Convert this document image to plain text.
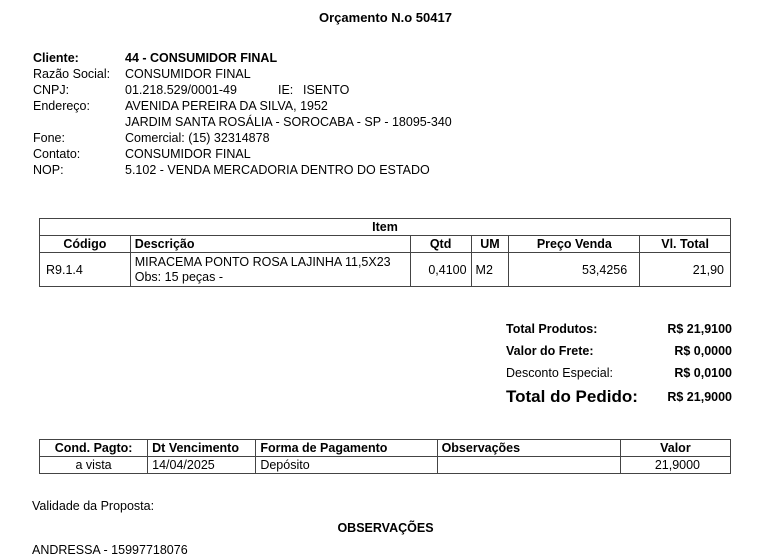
Orçamento N.o 50417
Cliente:	44 - CONSUMIDOR FINAL
Razão Social:	CONSUMIDOR FINAL
CNPJ:	01.218.529/0001-49	IE: ISENTO
Endereço:	AVENIDA PEREIRA DA SILVA, 1952
JARDIM SANTA ROSÁLIA - SOROCABA - SP - 18095-340
Fone:	Comercial: (15) 32314878
Contato:	CONSUMIDOR FINAL
NOP:	5.102 - VENDA MERCADORIA DENTRO DO ESTADO
Item					
Código	Descrição	Qtd	UM	Preço Venda	Vl. Total
R9.1.4	MIRACEMA PONTO ROSA LAJINHA 11,5X23
Obs: 15 peças -	0,4100	M2	53,4256	21,90
Total Produtos:	R$ 21,9100
Valor do Frete:	R$ 0,0000
Desconto Especial:	R$ 0,0100
Total do Pedido: R$ 21,9000
Cond. Pagto:	Dt Vencimento	Forma de Pagamento	Observações	Valor
a vista	14/04/2025	Depósito		21,9000
Validade da Proposta:
OBSERVAÇÕES
ANDRESSA - 15997718076
